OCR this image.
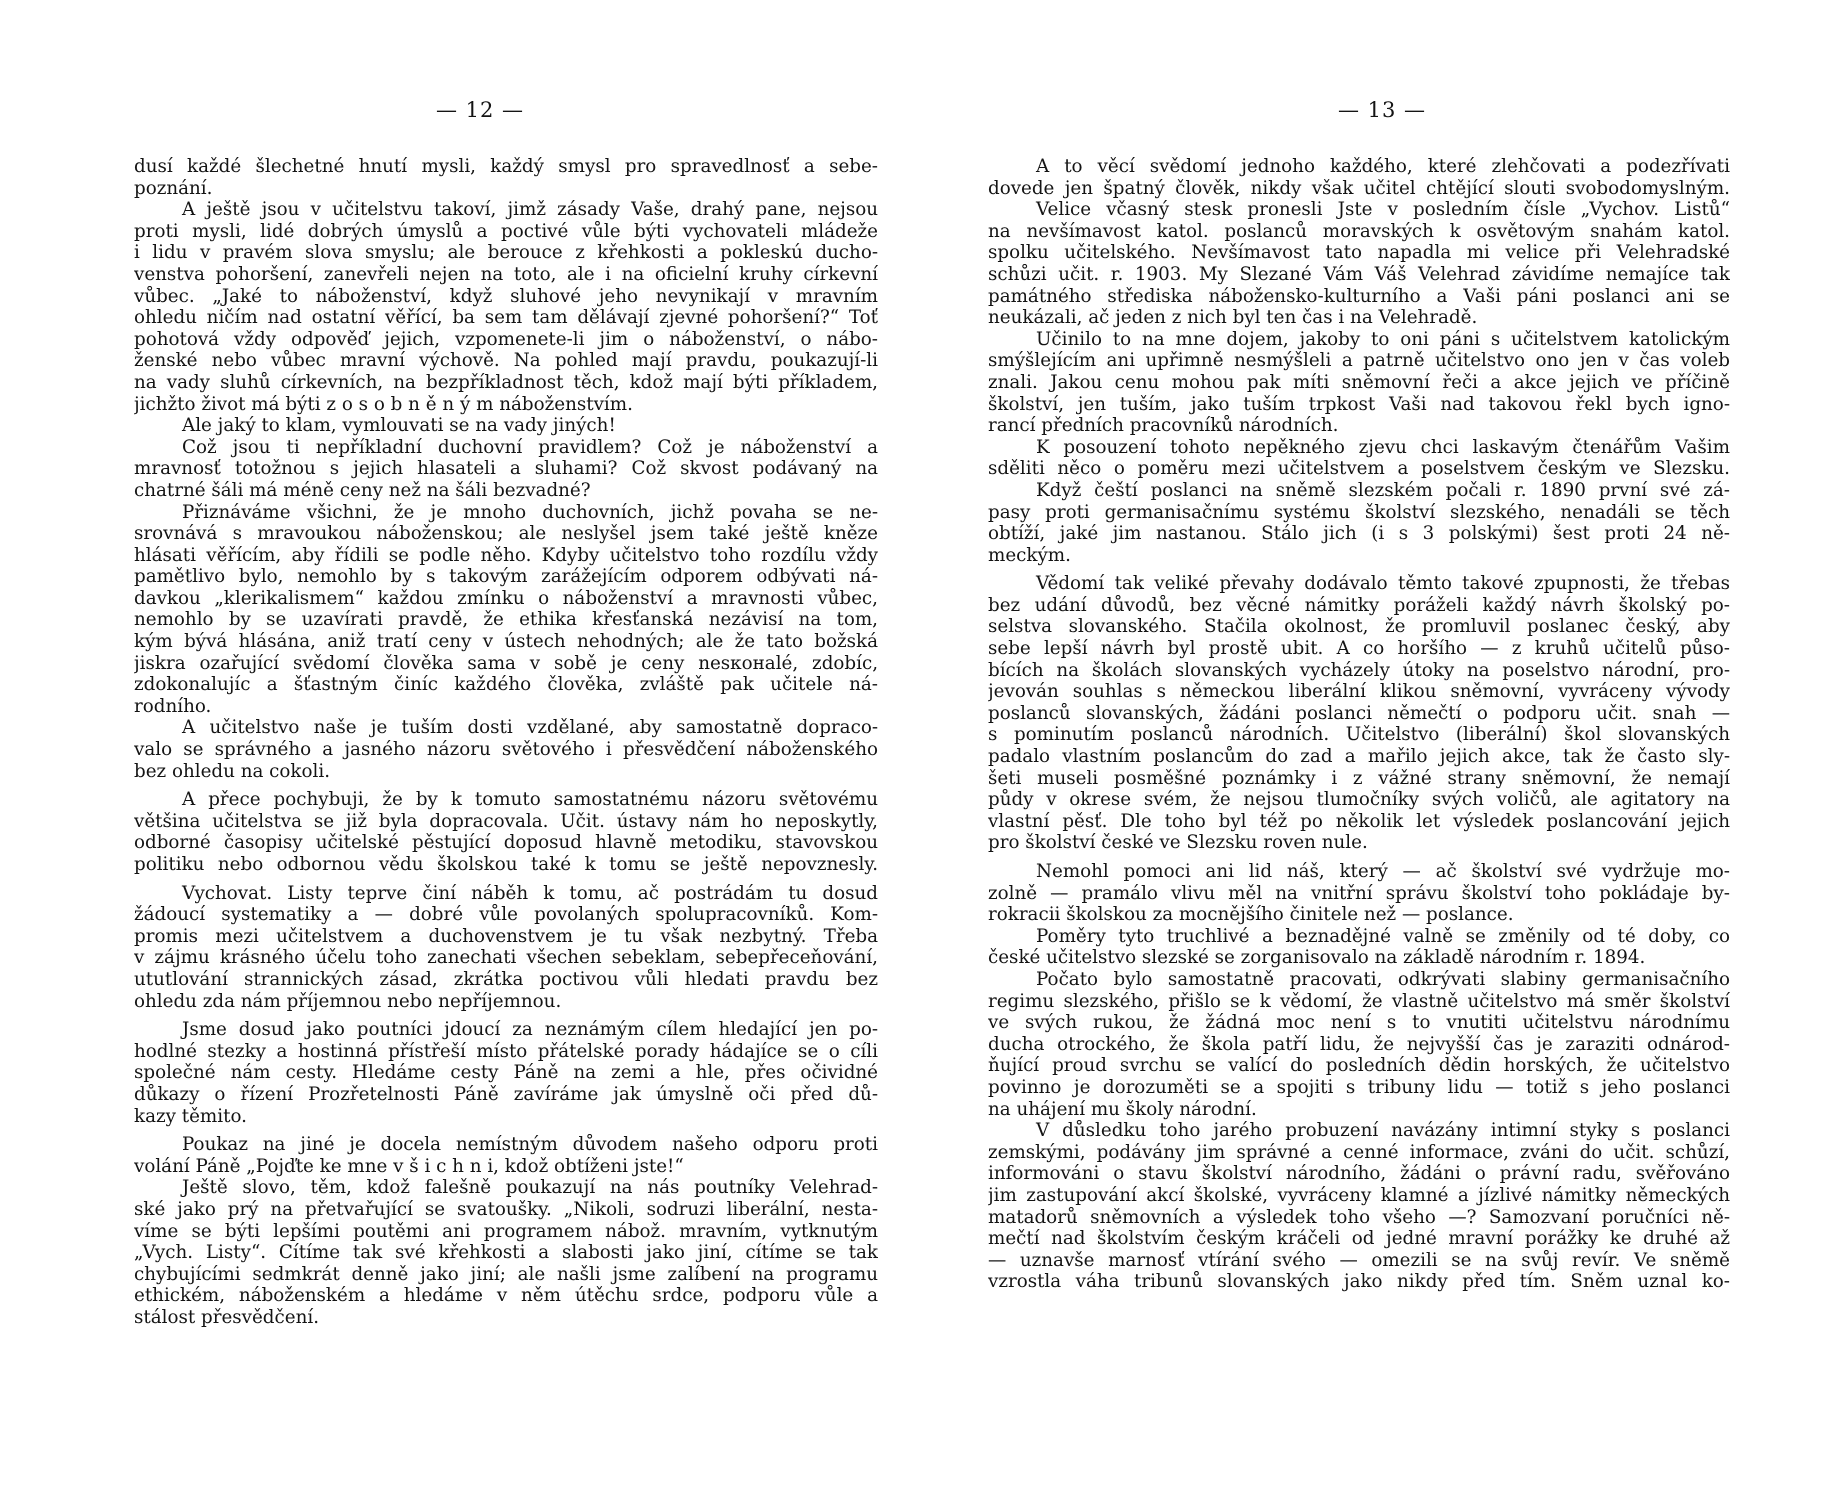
— 12 —
dusí každé šlechetné hnutí mysli, každý smysl pro spravedlnosť a sebe-
poznání.
A ještě jsou v učitelstvu takoví, jimž zásady Vaše, drahý pane, nejsou
proti mysli, lidé dobrých úmyslů a poctivé vůle býti vychovateli mládeže
i lidu v pravém slova smyslu; ale berouce z křehkosti a pokleskú ducho-
venstva pohoršení, zanevřeli nejen na toto, ale i na oficielní kruhy církevní
vůbec. „Jaké to náboženství, když sluhové jeho nevynikají v mravním
ohledu ničím nad ostatní věřící, ba sem tam dělávají zjevné pohoršení?“ Toť
pohotová vždy odpověď jejich, vzpomenete-li jim o náboženství, o nábo-
ženské nebo vůbec mravní výchově. Na pohled mají pravdu, poukazují-li
na vady sluhů církevních, na bezpříkladnost těch, kdož mají býti příkladem,
jichžto život má býti z o s o b n ě n ý m náboženstvím.
Ale jaký to klam, vymlouvati se na vady jiných!
Což jsou ti nepříkladní duchovní pravidlem? Což je náboženství a
mravnosť totožnou s jejich hlasateli a sluhami? Což skvost podávaný na
chatrné šáli má méně ceny než na šáli bezvadné?
Přiznáváme všichni, že je mnoho duchovních, jichž povaha se ne-
srovnává s mravoukou náboženskou; ale neslyšel jsem také ještě kněze
hlásati věřícím, aby řídili se podle něho. Kdyby učitelstvo toho rozdílu vždy
pamětlivo bylo, nemohlo by s takovým zarážejícím odporem odbývati ná-
davkou „klerikalismem“ každou zmínku o náboženství a mravnosti vůbec,
nemohlo by se uzavírati pravdě, že ethika křesťanská nezávisí na tom,
kým bývá hlásána, aniž tratí ceny v ústech nehodných; ale že tato božská
jiskra ozařující svědomí člověka sama v sobě je ceny nesконalé, zdobíc,
zdokonalujíc a šťastným činíc každého člověka, zvláště pak učitele ná-
rodního.
A učitelstvo naše je tuším dosti vzdělané, aby samostatně dopraco-
valo se správného a jasného názoru světového i přesvědčení náboženského
bez ohledu na cokoli.
A přece pochybuji, že by k tomuto samostatnému názoru světovému
většina učitelstva se již byla dopracovala. Učit. ústavy nám ho neposkytly,
odborné časopisy učitelské pěstující doposud hlavně metodiku, stavovskou
politiku nebo odbornou vědu školskou také k tomu se ještě nepovznesly.
Vychovat. Listy teprve činí náběh k tomu, ač postrádám tu dosud
žádoucí systematiky a — dobré vůle povolaných spolupracovníků. Kom-
promis mezi učitelstvem a duchovenstvem je tu však nezbytný. Třeba
v zájmu krásného účelu toho zanechati všechen sebeklam, sebepřeceňování,
ututlování strannických zásad, zkrátka poctivou vůli hledati pravdu bez
ohledu zda nám příjemnou nebo nepříjemnou.
Jsme dosud jako poutníci jdoucí za neznámým cílem hledající jen po-
hodlné stezky a hostinná přístřeší místo přátelské porady hádajíce se o cíli
společné nám cesty. Hledáme cesty Páně na zemi a hle, přes očividné
důkazy o řízení Prozřetelnosti Páně zavíráme jak úmyslně oči před dů-
kazy těmito.
Poukaz na jiné je docela nemístným důvodem našeho odporu proti
volání Páně „Pojďte ke mne v š i c h n i, kdož obtíženi jste!“
Ještě slovo, těm, kdož falešně poukazují na nás poutníky Velehrad-
ské jako prý na přetvařující se svatoušky. „Nikoli, sodruzi liberální, nesta-
víme se býti lepšími poutěmi ani programem nábož. mravním, vytknutým
„Vych. Listy“. Cítíme tak své křehkosti a slabosti jako jiní, cítíme se tak
chybujícími sedmkrát denně jako jiní; ale našli jsme zalíbení na programu
ethickém, náboženském a hledáme v něm útěchu srdce, podporu vůle a
stálost přesvědčení.
— 13 —
A to věcí svědomí jednoho každého, které zlehčovati a podezřívati
dovede jen špatný člověk, nikdy však učitel chtějící slouti svobodomyslným.
Velice včasný stesk pronesli Jste v posledním čísle „Vychov. Listů“
na nevšímavost katol. poslanců moravských k osvětovým snahám katol.
spolku učitelského. Nevšímavost tato napadla mi velice při Velehradské
schůzi učit. r. 1903. My Slezané Vám Váš Velehrad závidíme nemajíce tak
památného střediska nábožensko-kulturního a Vaši páni poslanci ani se
neukázali, ač jeden z nich byl ten čas i na Velehradě.
Učinilo to na mne dojem, jakoby to oni páni s učitelstvem katolickým
smýšlejícím ani upřimně nesmýšleli a patrně učitelstvo ono jen v čas voleb
znali. Jakou cenu mohou pak míti sněmovní řeči a akce jejich ve příčině
školství, jen tuším, jako tuším trpkost Vaši nad takovou řekl bych igno-
rancí předních pracovníků národních.
K posouzení tohoto nepěkného zjevu chci laskavým čtenářům Vašim
sděliti něco o poměru mezi učitelstvem a poselstvem českým ve Slezsku.
Když čeští poslanci na sněmě slezském počali r. 1890 první své zá-
pasy proti germanisačnímu systému školství slezského, nenadáli se těch
obtíží, jaké jim nastanou. Stálo jich (i s 3 polskými) šest proti 24 ně-
meckým.
Vědomí tak veliké převahy dodávalo těmto takové zpupnosti, že třebas
bez udání důvodů, bez věcné námitky poráželi každý návrh školský po-
selstva slovanského. Stačila okolnost, že promluvil poslanec český, aby
sebe lepší návrh byl prostě ubit. A co horšího — z kruhů učitelů půso-
bících na školách slovanských vycházely útoky na poselstvo národní, pro-
jevován souhlas s německou liberální klikou sněmovní, vyvráceny vývody
poslanců slovanských, žádáni poslanci němečtí o podporu učit. snah —
s pominutím poslanců národních. Učitelstvo (liberální) škol slovanských
padalo vlastním poslancům do zad a mařilo jejich akce, tak že často sly-
šeti museli posměšné poznámky i z vážné strany sněmovní, že nemají
půdy v okrese svém, že nejsou tlumočníky svých voličů, ale agitatory na
vlastní pěsť. Dle toho byl též po několik let výsledek poslancování jejich
pro školství české ve Slezsku roven nule.
Nemohl pomoci ani lid náš, který — ač školství své vydržuje mo-
zolně — pramálo vlivu měl na vnitřní správu školství toho pokládaje by-
rokracii školskou za mocnějšího činitele než — poslance.
Poměry tyto truchlivé a beznadějné valně se změnily od té doby, co
české učitelstvo slezské se zorganisovalo na základě národním r. 1894.
Počato bylo samostatně pracovati, odkrývati slabiny germanisačního
regimu slezského, přišlo se k vědomí, že vlastně učitelstvo má směr školství
ve svých rukou, že žádná moc není s to vnutiti učitelstvu národnímu
ducha otrockého, že škola patří lidu, že nejvyšší čas je zaraziti odnárod-
ňující proud svrchu se valící do posledních dědin horských, že učitelstvo
povinno je dorozuměti se a spojiti s tribuny lidu — totiž s jeho poslanci
na uhájení mu školy národní.
V důsledku toho jarého probuzení navázány intimní styky s poslanci
zemskými, podávány jim správné a cenné informace, zváni do učit. schůzí,
informováni o stavu školství národního, žádáni o právní radu, svěřováno
jim zastupování akcí školské, vyvráceny klamné a jízlivé námitky německých
matadorů sněmovních a výsledek toho všeho —? Samozvaní poručníci ně-
mečtí nad školstvím českým kráčeli od jedné mravní porážky ke druhé až
— uznavše marnosť vtírání svého — omezili se na svůj revír. Ve sněmě
vzrostla váha tribunů slovanských jako nikdy před tím. Sněm uznal ko-
